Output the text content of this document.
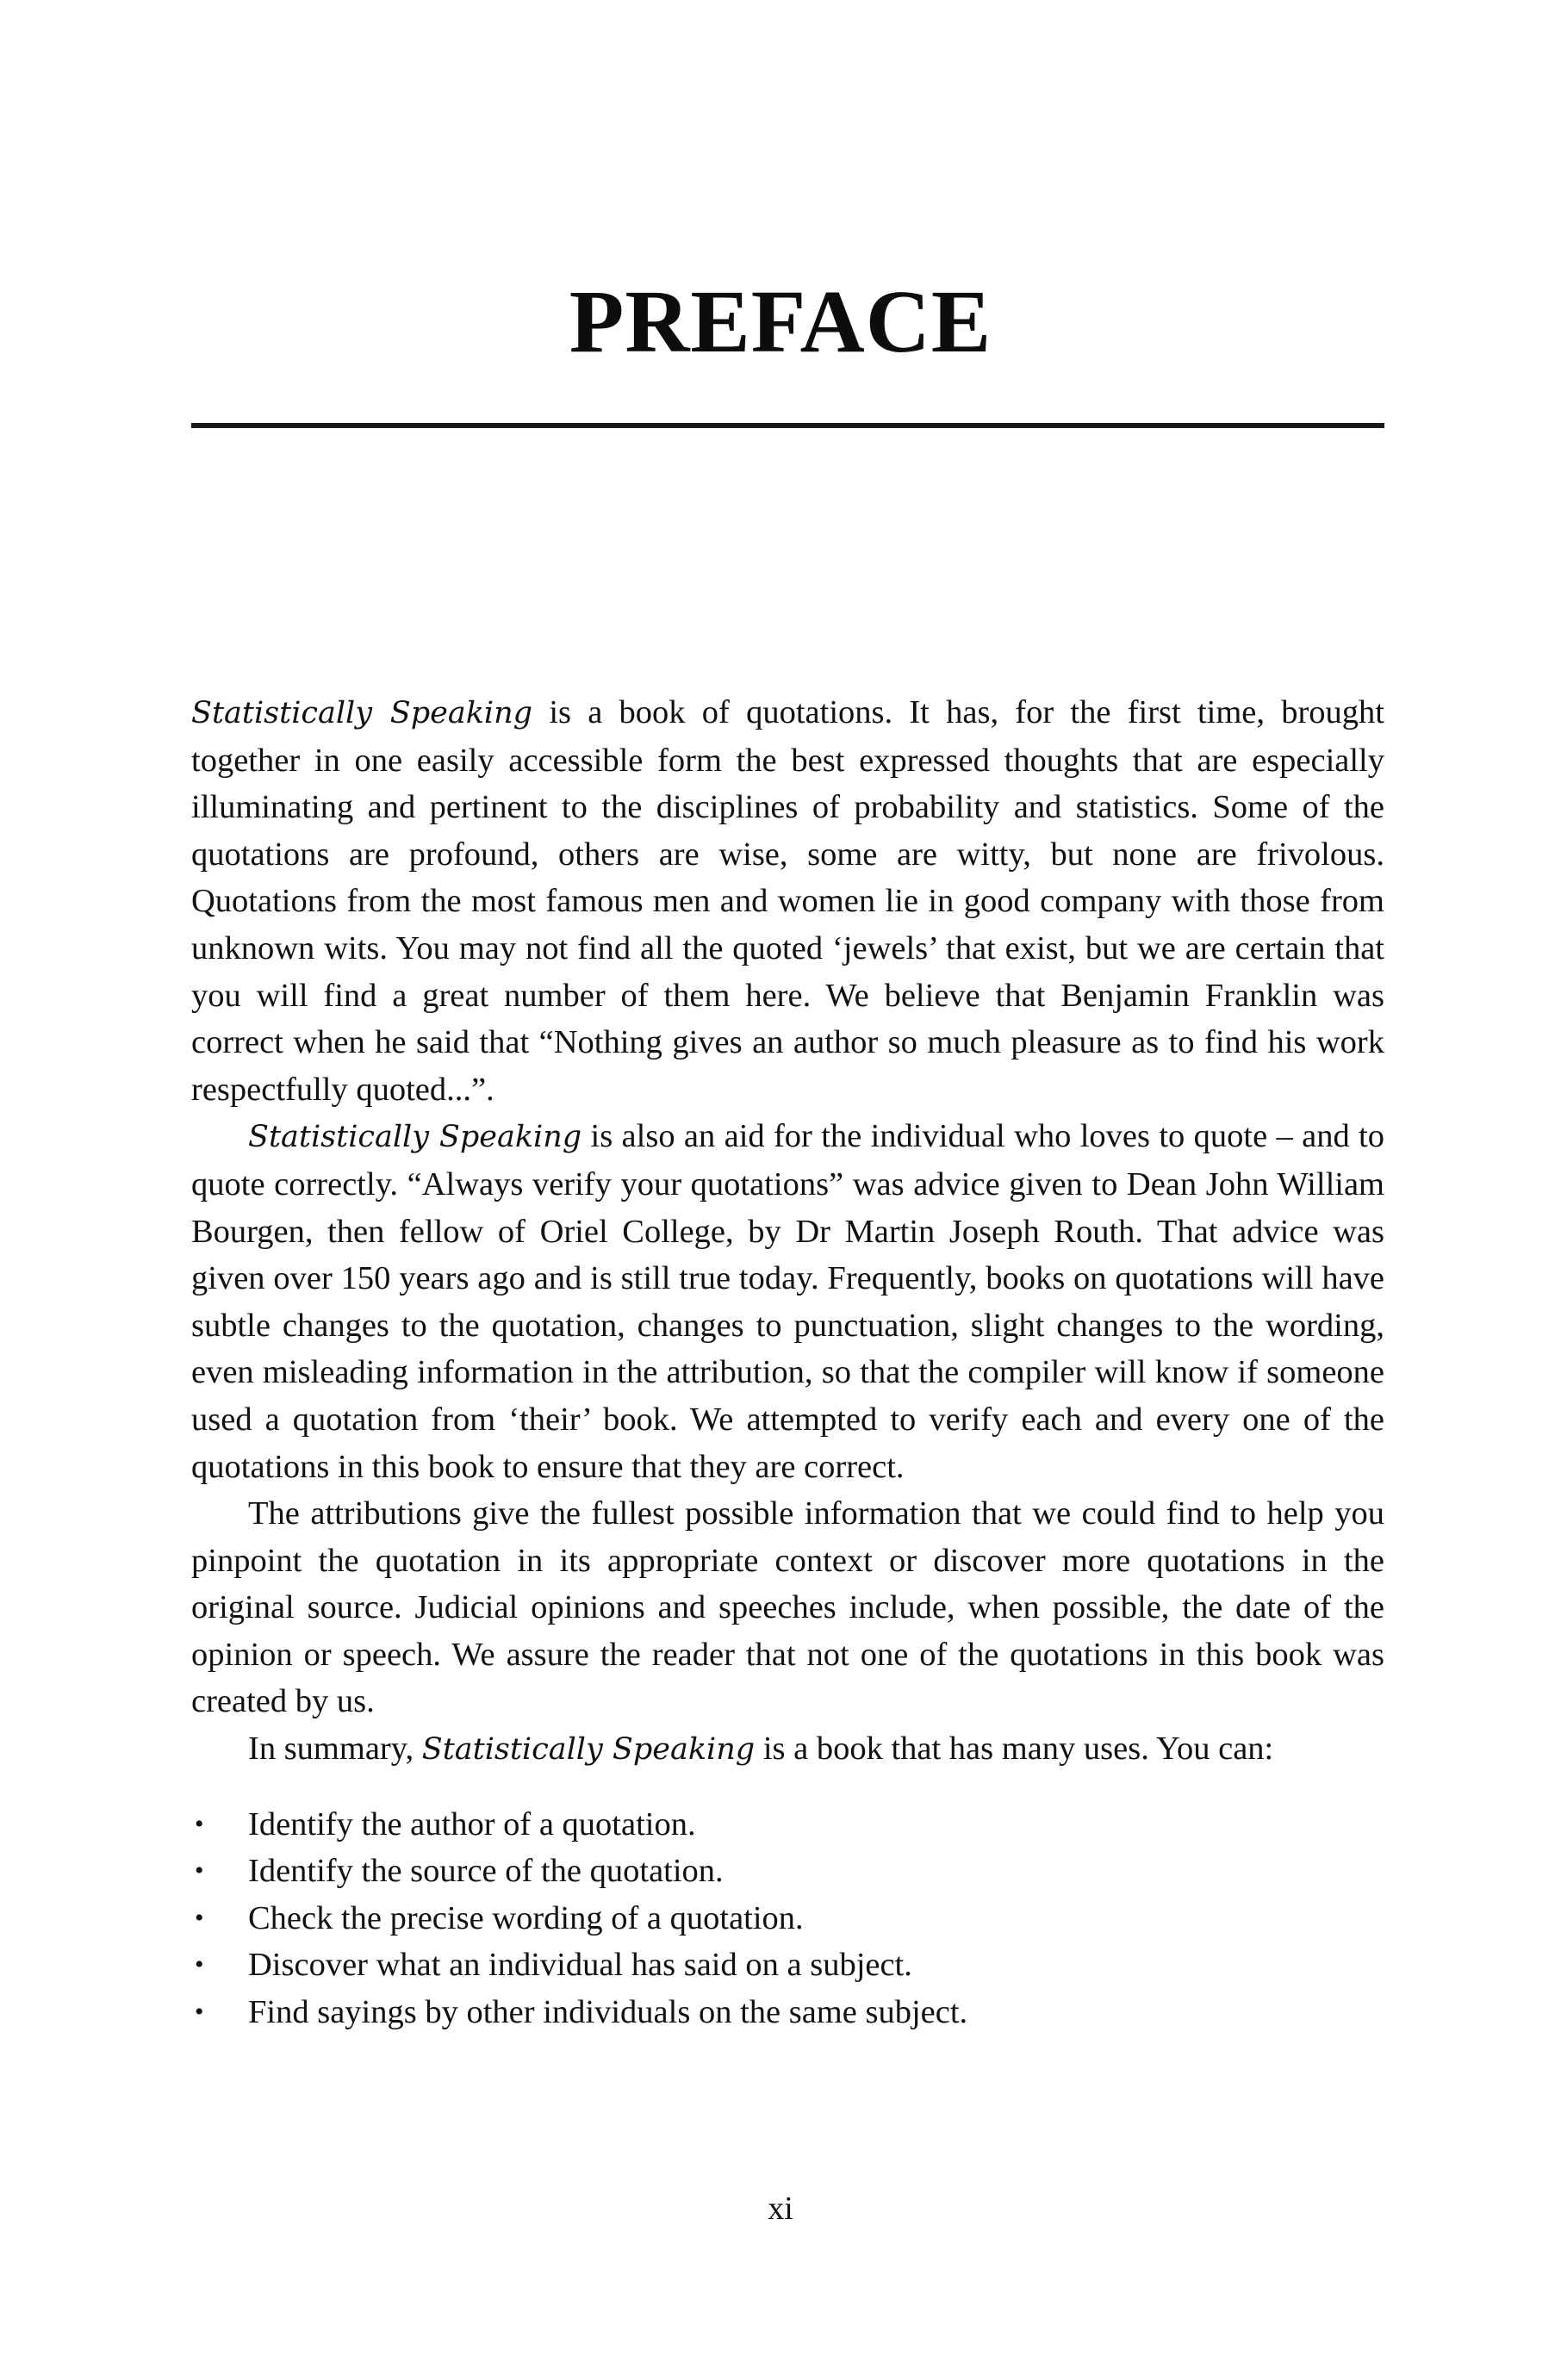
PREFACE

Statistically Speaking is a book of quotations. It has, for the first time, brought together in one easily accessible form the best expressed thoughts that are especially illuminating and pertinent to the disciplines of probability and statistics. Some of the quotations are profound, others are wise, some are witty, but none are frivolous. Quotations from the most famous men and women lie in good company with those from unknown wits. You may not find all the quoted ‘jewels’ that exist, but we are certain that you will find a great number of them here. We believe that Benjamin Franklin was correct when he said that “Nothing gives an author so much pleasure as to find his work respectfully quoted...”.

Statistically Speaking is also an aid for the individual who loves to quote – and to quote correctly. “Always verify your quotations” was advice given to Dean John William Bourgen, then fellow of Oriel College, by Dr Martin Joseph Routh. That advice was given over 150 years ago and is still true today. Frequently, books on quotations will have subtle changes to the quotation, changes to punctuation, slight changes to the wording, even misleading information in the attribution, so that the compiler will know if someone used a quotation from ‘their’ book. We attempted to verify each and every one of the quotations in this book to ensure that they are correct.

The attributions give the fullest possible information that we could find to help you pinpoint the quotation in its appropriate context or discover more quotations in the original source. Judicial opinions and speeches include, when possible, the date of the opinion or speech. We assure the reader that not one of the quotations in this book was created by us.

In summary, Statistically Speaking is a book that has many uses. You can:

• Identify the author of a quotation.
• Identify the source of the quotation.
• Check the precise wording of a quotation.
• Discover what an individual has said on a subject.
• Find sayings by other individuals on the same subject.
xi
